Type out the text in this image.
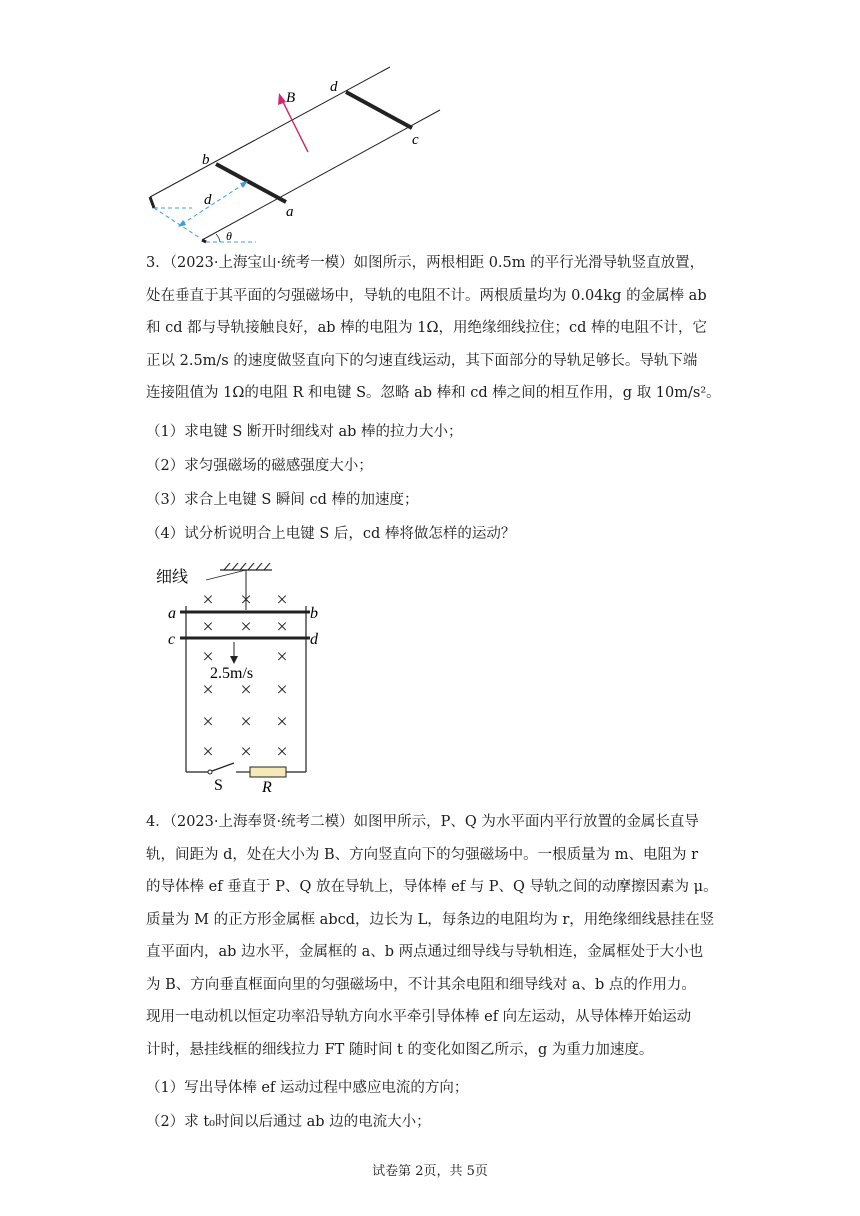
B
d
c
b
a
d
θ
3．（2023·上海宝山·统考一模）如图所示，两根相距 0.5m 的平行光滑导轨竖直放置，
处在垂直于其平面的匀强磁场中，导轨的电阻不计。两根质量均为 0.04kg 的金属棒 ab
和 cd 都与导轨接触良好，ab 棒的电阻为 1Ω，用绝缘细线拉住；cd 棒的电阻不计，它
正以 2.5m/s 的速度做竖直向下的匀速直线运动，其下面部分的导轨足够长。导轨下端
连接阻值为 1Ω的电阻 R 和电键 S。忽略 ab 棒和 cd 棒之间的相互作用，g 取 10m/s²。
（1）求电键 S 断开时细线对 ab 棒的拉力大小；
（2）求匀强磁场的磁感强度大小；
（3）求合上电键 S 瞬间 cd 棒的加速度；
（4）试分析说明合上电键 S 后，cd 棒将做怎样的运动？
细线
a	b
c	d
2.5m/s
× × ×
× × ×
×	×
× × ×
× × ×
× × ×
S R
4．（2023·上海奉贤·统考二模）如图甲所示，P、Q 为水平面内平行放置的金属长直导
轨，间距为 d，处在大小为 B、方向竖直向下的匀强磁场中。一根质量为 m、电阻为 r
的导体棒 ef 垂直于 P、Q 放在导轨上，导体棒 ef 与 P、Q 导轨之间的动摩擦因素为 μ。
质量为 M 的正方形金属框 abcd，边长为 L，每条边的电阻均为 r，用绝缘细线悬挂在竖
直平面内，ab 边水平，金属框的 a、b 两点通过细导线与导轨相连，金属框处于大小也
为 B、方向垂直框面向里的匀强磁场中，不计其余电阻和细导线对 a、b 点的作用力。
现用一电动机以恒定功率沿导轨方向水平牵引导体棒 ef 向左运动，从导体棒开始运动
计时，悬挂线框的细线拉力 FT 随时间 t 的变化如图乙所示，g 为重力加速度。
（1）写出导体棒 ef 运动过程中感应电流的方向；
（2）求 t₀时间以后通过 ab 边的电流大小；
试卷第 2页，共 5页
